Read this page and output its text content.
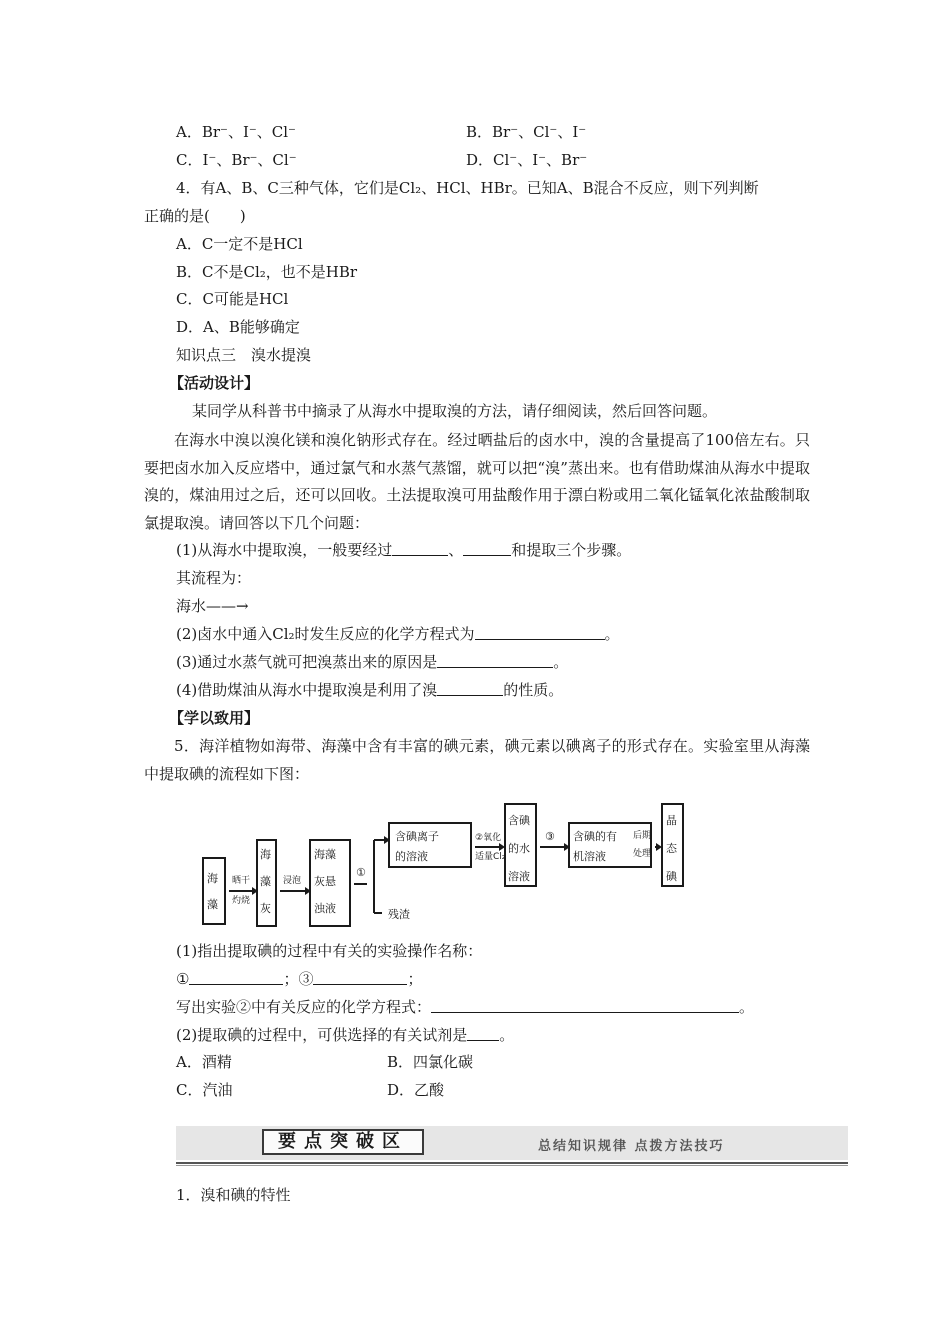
A．Br⁻、I⁻、Cl⁻	B．Br⁻、Cl⁻、I⁻
C．I⁻、Br⁻、Cl⁻	D．Cl⁻、I⁻、Br⁻
4．有A、B、C三种气体，它们是Cl₂、HCl、HBr。已知A、B混合不反应，则下列判断
正确的是(　　)
A．C一定不是HCl
B．C不是Cl₂，也不是HBr
C．C可能是HCl
D．A、B能够确定
知识点三　溴水提溴
【活动设计】
某同学从科普书中摘录了从海水中提取溴的方法，请仔细阅读，然后回答问题。
在海水中溴以溴化镁和溴化钠形式存在。经过晒盐后的卤水中，溴的含量提高了100倍左右。只要把卤水加入反应塔中，通过氯气和水蒸气蒸馏，就可以把“溴”蒸出来。也有借助煤油从海水中提取溴的，煤油用过之后，还可以回收。土法提取溴可用盐酸作用于漂白粉或用二氧化锰氧化浓盐酸制取氯提取溴。请回答以下几个问题：
(1)从海水中提取溴，一般要经过	、	和提取三个步骤。
其流程为：
海水——→
(2)卤水中通入Cl₂时发生反应的化学方程式为	。
(3)通过水蒸气就可把溴蒸出来的原因是	。
(4)借助煤油从海水中提取溴是利用了溴	的性质。
【学以致用】
5．海洋植物如海带、海藻中含有丰富的碘元素，碘元素以碘离子的形式存在。实验室里从海藻中提取碘的流程如下图：
海
藻
晒干
灼烧
海
藻
灰
浸泡
海藻
灰悬
浊液
①
含碘离子
的溶液
②氧化
适量Cl₂
含碘
的水
溶液
③ 含碘的有
机溶液
后期
处理
晶
态
碘
残渣
(1)指出提取碘的过程中有关的实验操作名称：
①	；③	；
写出实验②中有关反应的化学方程式：	。
(2)提取碘的过程中，可供选择的有关试剂是 。
A．酒精	B．四氯化碳
C．汽油	D．乙酸
要点突破区	总结知识规律 点拨方法技巧
1．溴和碘的特性
